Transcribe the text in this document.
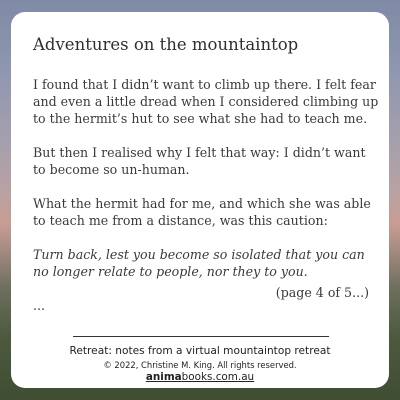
Adventures on the mountaintop

I found that I didn’t want to climb up there. I felt fear and even a little dread when I considered climbing up to the hermit’s hut to see what she had to teach me.

But then I realised why I felt that way: I didn’t want to become so un-human.

What the hermit had for me, and which she was able to teach me from a distance, was this caution:

Turn back, lest you become so isolated that you can no longer relate to people, nor they to you.

...

(page 4 of 5...)
Retreat: notes from a virtual mountaintop retreat
© 2022, Christine M. King. All rights reserved.
animabooks.com.au
